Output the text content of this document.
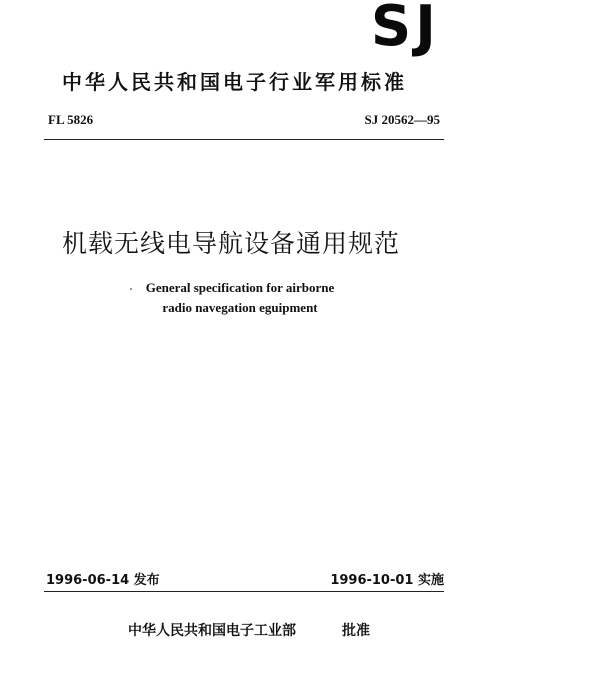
SJ
中华人民共和国电子行业军用标准
FL 5826	SJ 20562—95
机载无线电导航设备通用规范
General specification for airborne
radio navegation eguipment
1996-06-14 发布	1996-10-01 实施
中华人民共和国电子工业部	批准
